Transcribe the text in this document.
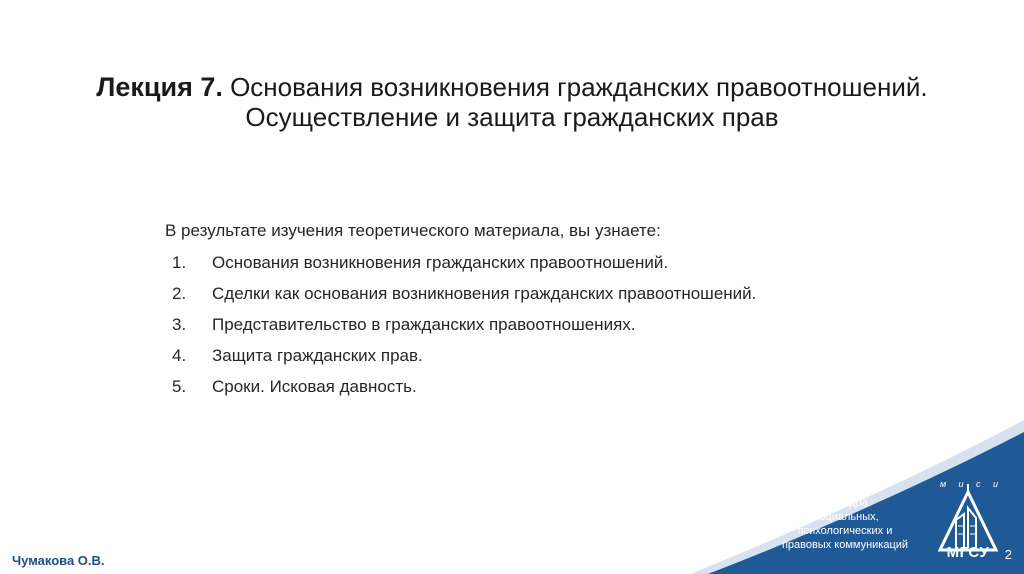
Лекция 7. Основания возникновения гражданских правоотношений.
Осуществление и защита гражданских прав
В результате изучения теоретического материала, вы узнаете:
1. Основания возникновения гражданских правоотношений.
2. Сделки как основания возникновения гражданских правоотношений.
3. Представительство в гражданских правоотношениях.
4. Защита гражданских прав.
5. Сроки. Исковая давность.
Кафедра
Социальных,
психологических и
правовых коммуникаций
м и с и
МГСУ 2
Чумакова О.В.
